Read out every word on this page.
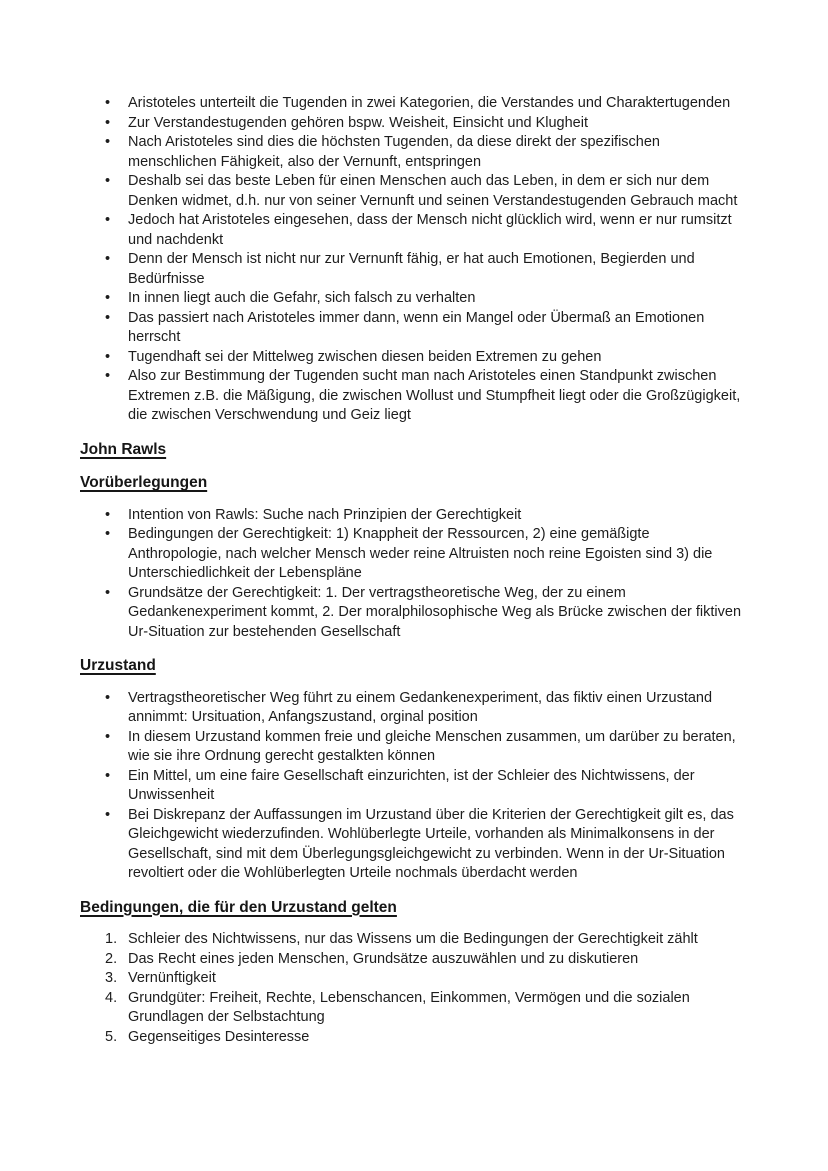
•	Aristoteles unterteilt die Tugenden in zwei Kategorien, die Verstandes und Charaktertugenden
•	Zur Verstandestugenden gehören bspw. Weisheit, Einsicht und Klugheit
•	Nach Aristoteles sind dies die höchsten Tugenden, da diese direkt der spezifischen menschlichen Fähigkeit, also der Vernunft, entspringen
•	Deshalb sei das beste Leben für einen Menschen auch das Leben, in dem er sich nur dem Denken widmet, d.h. nur von seiner Vernunft und seinen Verstandestugenden Gebrauch macht
•	Jedoch hat Aristoteles eingesehen, dass der Mensch nicht glücklich wird, wenn er nur rumsitzt und nachdenkt
•	Denn der Mensch ist nicht nur zur Vernunft fähig, er hat auch Emotionen, Begierden und Bedürfnisse
•	In innen liegt auch die Gefahr, sich falsch zu verhalten
•	Das passiert nach Aristoteles immer dann, wenn ein Mangel oder Übermaß an Emotionen herrscht
•	Tugendhaft sei der Mittelweg zwischen diesen beiden Extremen zu gehen
•	Also zur Bestimmung der Tugenden sucht man nach Aristoteles einen Standpunkt zwischen Extremen z.B. die Mäßigung, die zwischen Wollust und Stumpfheit liegt oder die Großzügigkeit, die zwischen Verschwendung und Geiz liegt
John Rawls
Vorüberlegungen
•	Intention von Rawls: Suche nach Prinzipien der Gerechtigkeit
•	Bedingungen der Gerechtigkeit: 1) Knappheit der Ressourcen, 2) eine gemäßigte Anthropologie, nach welcher Mensch weder reine Altruisten noch reine Egoisten sind 3) die Unterschiedlichkeit der Lebenspläne
•	Grundsätze der Gerechtigkeit: 1. Der vertragstheoretische Weg, der zu einem Gedankenexperiment kommt, 2. Der moralphilosophische Weg als Brücke zwischen der fiktiven Ur-Situation zur bestehenden Gesellschaft
Urzustand
•	Vertragstheoretischer Weg führt zu einem Gedankenexperiment, das fiktiv einen Urzustand annimmt: Ursituation, Anfangszustand, orginal position
•	In diesem Urzustand kommen freie und gleiche Menschen zusammen, um darüber zu beraten, wie sie ihre Ordnung gerecht gestalkten können
•	Ein Mittel, um eine faire Gesellschaft einzurichten, ist der Schleier des Nichtwissens, der Unwissenheit
•	Bei Diskrepanz der Auffassungen im Urzustand über die Kriterien der Gerechtigkeit gilt es, das Gleichgewicht wiederzufinden. Wohlüberlegte Urteile, vorhanden als Minimalkonsens in der Gesellschaft, sind mit dem Überlegungsgleichgewicht zu verbinden. Wenn in der Ur-Situation revoltiert oder die Wohlüberlegten Urteile nochmals überdacht werden
Bedingungen, die für den Urzustand gelten
1. Schleier des Nichtwissens, nur das Wissens um die Bedingungen der Gerechtigkeit zählt
2. Das Recht eines jeden Menschen, Grundsätze auszuwählen und zu diskutieren
3. Vernünftigkeit
4. Grundgüter: Freiheit, Rechte, Lebenschancen, Einkommen, Vermögen und die sozialen Grundlagen der Selbstachtung
5. Gegenseitiges Desinteresse
